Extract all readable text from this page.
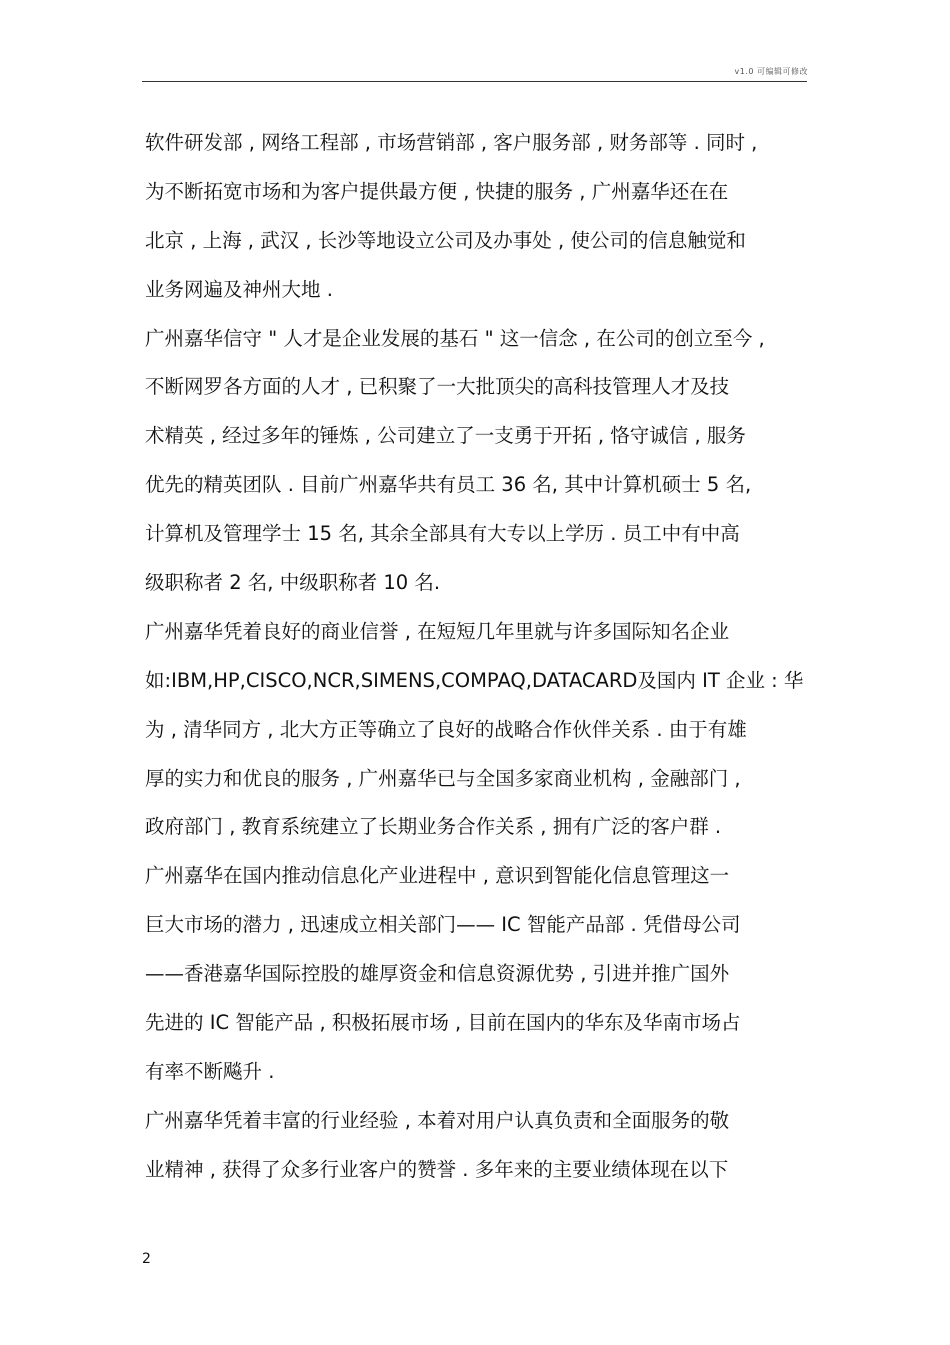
v1.0 可编辑可修改
软件研发部 , 网络工程部 , 市场营销部 , 客户服务部 , 财务部等 . 同时 ,
为不断拓宽市场和为客户提供最方便 , 快捷的服务 , 广州嘉华还在在
北京 , 上海 , 武汉 , 长沙等地设立公司及办事处 , 使公司的信息触觉和
业务网遍及神州大地 .
广州嘉华信守 " 人才是企业发展的基石 " 这一信念 , 在公司的创立至今 ,
不断网罗各方面的人才 , 已积聚了一大批顶尖的高科技管理人才及技
术精英 , 经过多年的锤炼 , 公司建立了一支勇于开拓 , 恪守诚信 , 服务
优先的精英团队 . 目前广州嘉华共有员工 36 名, 其中计算机硕士 5 名,
计算机及管理学士 15 名, 其余全部具有大专以上学历 . 员工中有中高
级职称者 2 名, 中级职称者 10 名.
广州嘉华凭着良好的商业信誉 , 在短短几年里就与许多国际知名企业
如:IBM,HP,CISCO,NCR,SIMENS,COMPAQ,DATACARD及国内 IT 企业 : 华
为 , 清华同方 , 北大方正等确立了良好的战略合作伙伴关系 . 由于有雄
厚的实力和优良的服务 , 广州嘉华已与全国多家商业机构 , 金融部门 ,
政府部门 , 教育系统建立了长期业务合作关系 , 拥有广泛的客户群 .
广州嘉华在国内推动信息化产业进程中 , 意识到智能化信息管理这一
巨大市场的潜力 , 迅速成立相关部门—— IC 智能产品部 . 凭借母公司
——香港嘉华国际控股的雄厚资金和信息资源优势 , 引进并推广国外
先进的 IC 智能产品 , 积极拓展市场 , 目前在国内的华东及华南市场占
有率不断飚升 .
广州嘉华凭着丰富的行业经验 , 本着对用户认真负责和全面服务的敬
业精神 , 获得了众多行业客户的赞誉 . 多年来的主要业绩体现在以下
2
